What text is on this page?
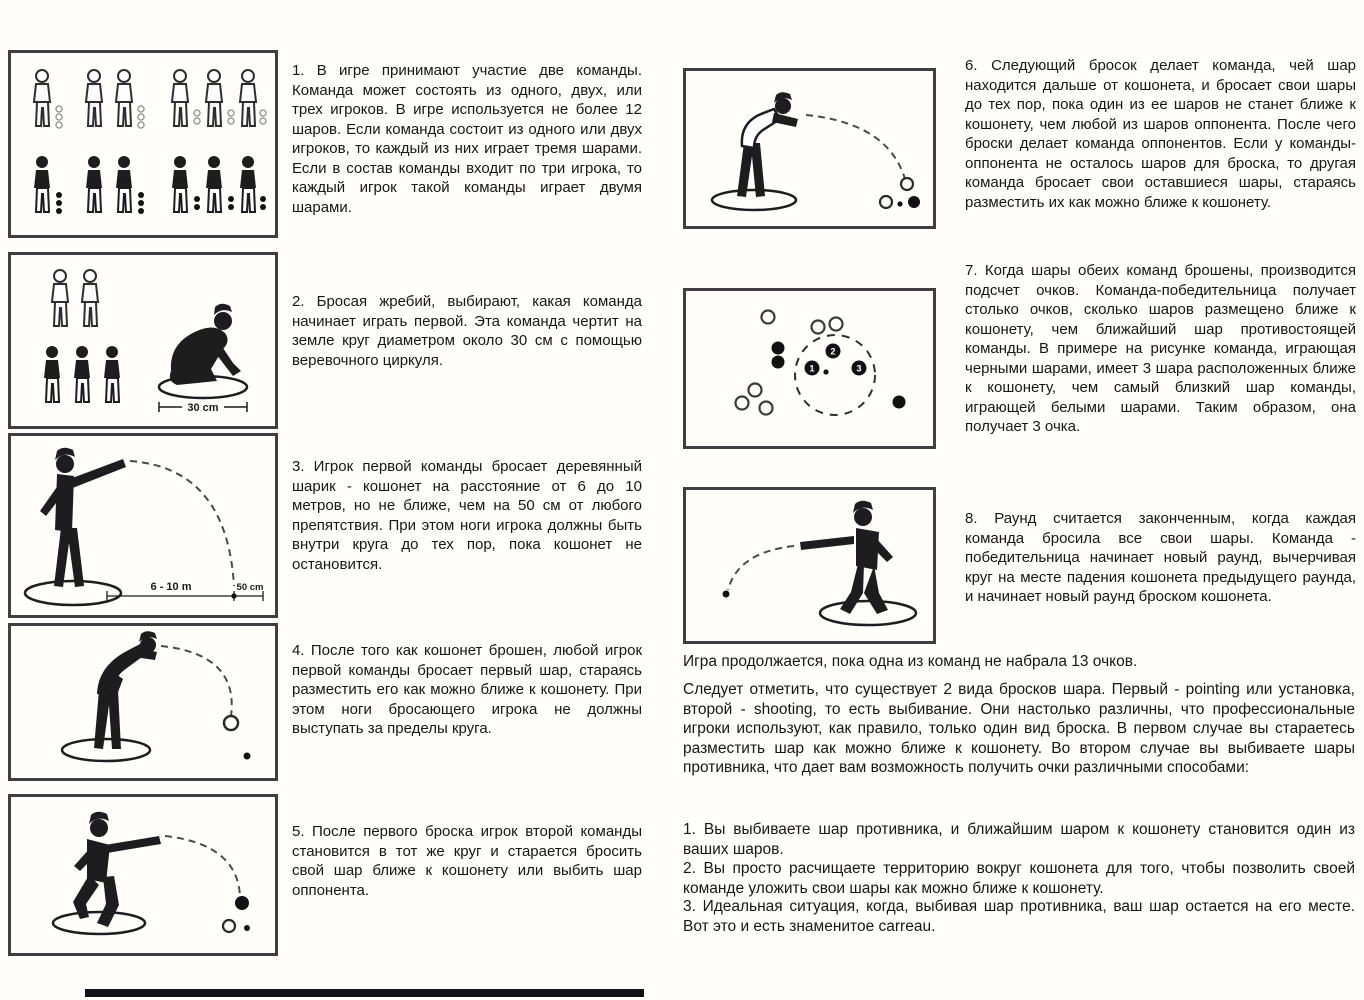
30 cm
6 - 10 m	50 cm
1
2
3

1. В игре принимают участие две команды. Команда может состоять из одного, двух, или трех игроков. В игре используется не более 12 шаров. Если команда состоит из одного или двух игроков, то каждый из них играет тремя шарами. Если в состав команды входит по три игрока, то каждый игрок такой команды играет двумя шарами.

2. Бросая жребий, выбирают, какая команда начинает играть первой. Эта команда чертит на земле круг диаметром около 30 см с помощью веревочного циркуля.

3. Игрок первой команды бросает деревянный шарик - кошонет на расстояние от 6 до 10 метров, но не ближе, чем на 50 см от любого препятствия. При этом ноги игрока должны быть внутри круга до тех пор, пока кошонет не остановится.

4. После того как кошонет брошен, любой игрок первой команды бросает первый шар, стараясь разместить его как можно ближе к кошонету. При этом ноги бросающего игрока не должны выступать за пределы круга.

5. После первого броска игрок второй команды становится в тот же круг и старается бросить свой шар ближе к кошонету или выбить шар оппонента.

6. Следующий бросок делает команда, чей шар находится дальше от кошонета, и бросает свои шары до тех пор, пока один из ее шаров не станет ближе к кошонету, чем любой из шаров оппонента. После чего броски делает команда оппонентов. Если у команды-оппонента не осталось шаров для броска, то другая команда бросает свои оставшиеся шары, стараясь разместить их как можно ближе к кошонету.

7. Когда шары обеих команд брошены, производится подсчет очков. Команда-победительница получает столько очков, сколько шаров размещено ближе к кошонету, чем ближайший шар противостоящей команды. В примере на рисунке команда, играющая черными шарами, имеет 3 шара расположенных ближе к кошонету, чем самый близкий шар команды, играющей белыми шарами. Таким образом, она получает 3 очка.

8. Раунд считается законченным, когда каждая команда бросила все свои шары. Команда - победительница начинает новый раунд, вычерчивая круг на месте падения кошонета предыдущего раунда, и начинает новый раунд броском кошонета.

Игра продолжается, пока одна из команд не набрала 13 очков.

Следует отметить, что существует 2 вида бросков шара. Первый - pointing или установка, второй - shooting, то есть выбивание. Они настолько различны, что профессиональные игроки используют, как правило, только один вид броска. В первом случае вы стараетесь разместить шар как можно ближе к кошонету. Во втором случае вы выбиваете шары противника, что дает вам возможность получить очки различными способами:

1. Вы выбиваете шар противника, и ближайшим шаром к кошонету становится один из ваших шаров.

2. Вы просто расчищаете территорию вокруг кошонета для того, чтобы позволить своей команде уложить свои шары как можно ближе к кошонету.

3. Идеальная ситуация, когда, выбивая шар противника, ваш шар остается на его месте. Вот это и есть знаменитое carreau.
